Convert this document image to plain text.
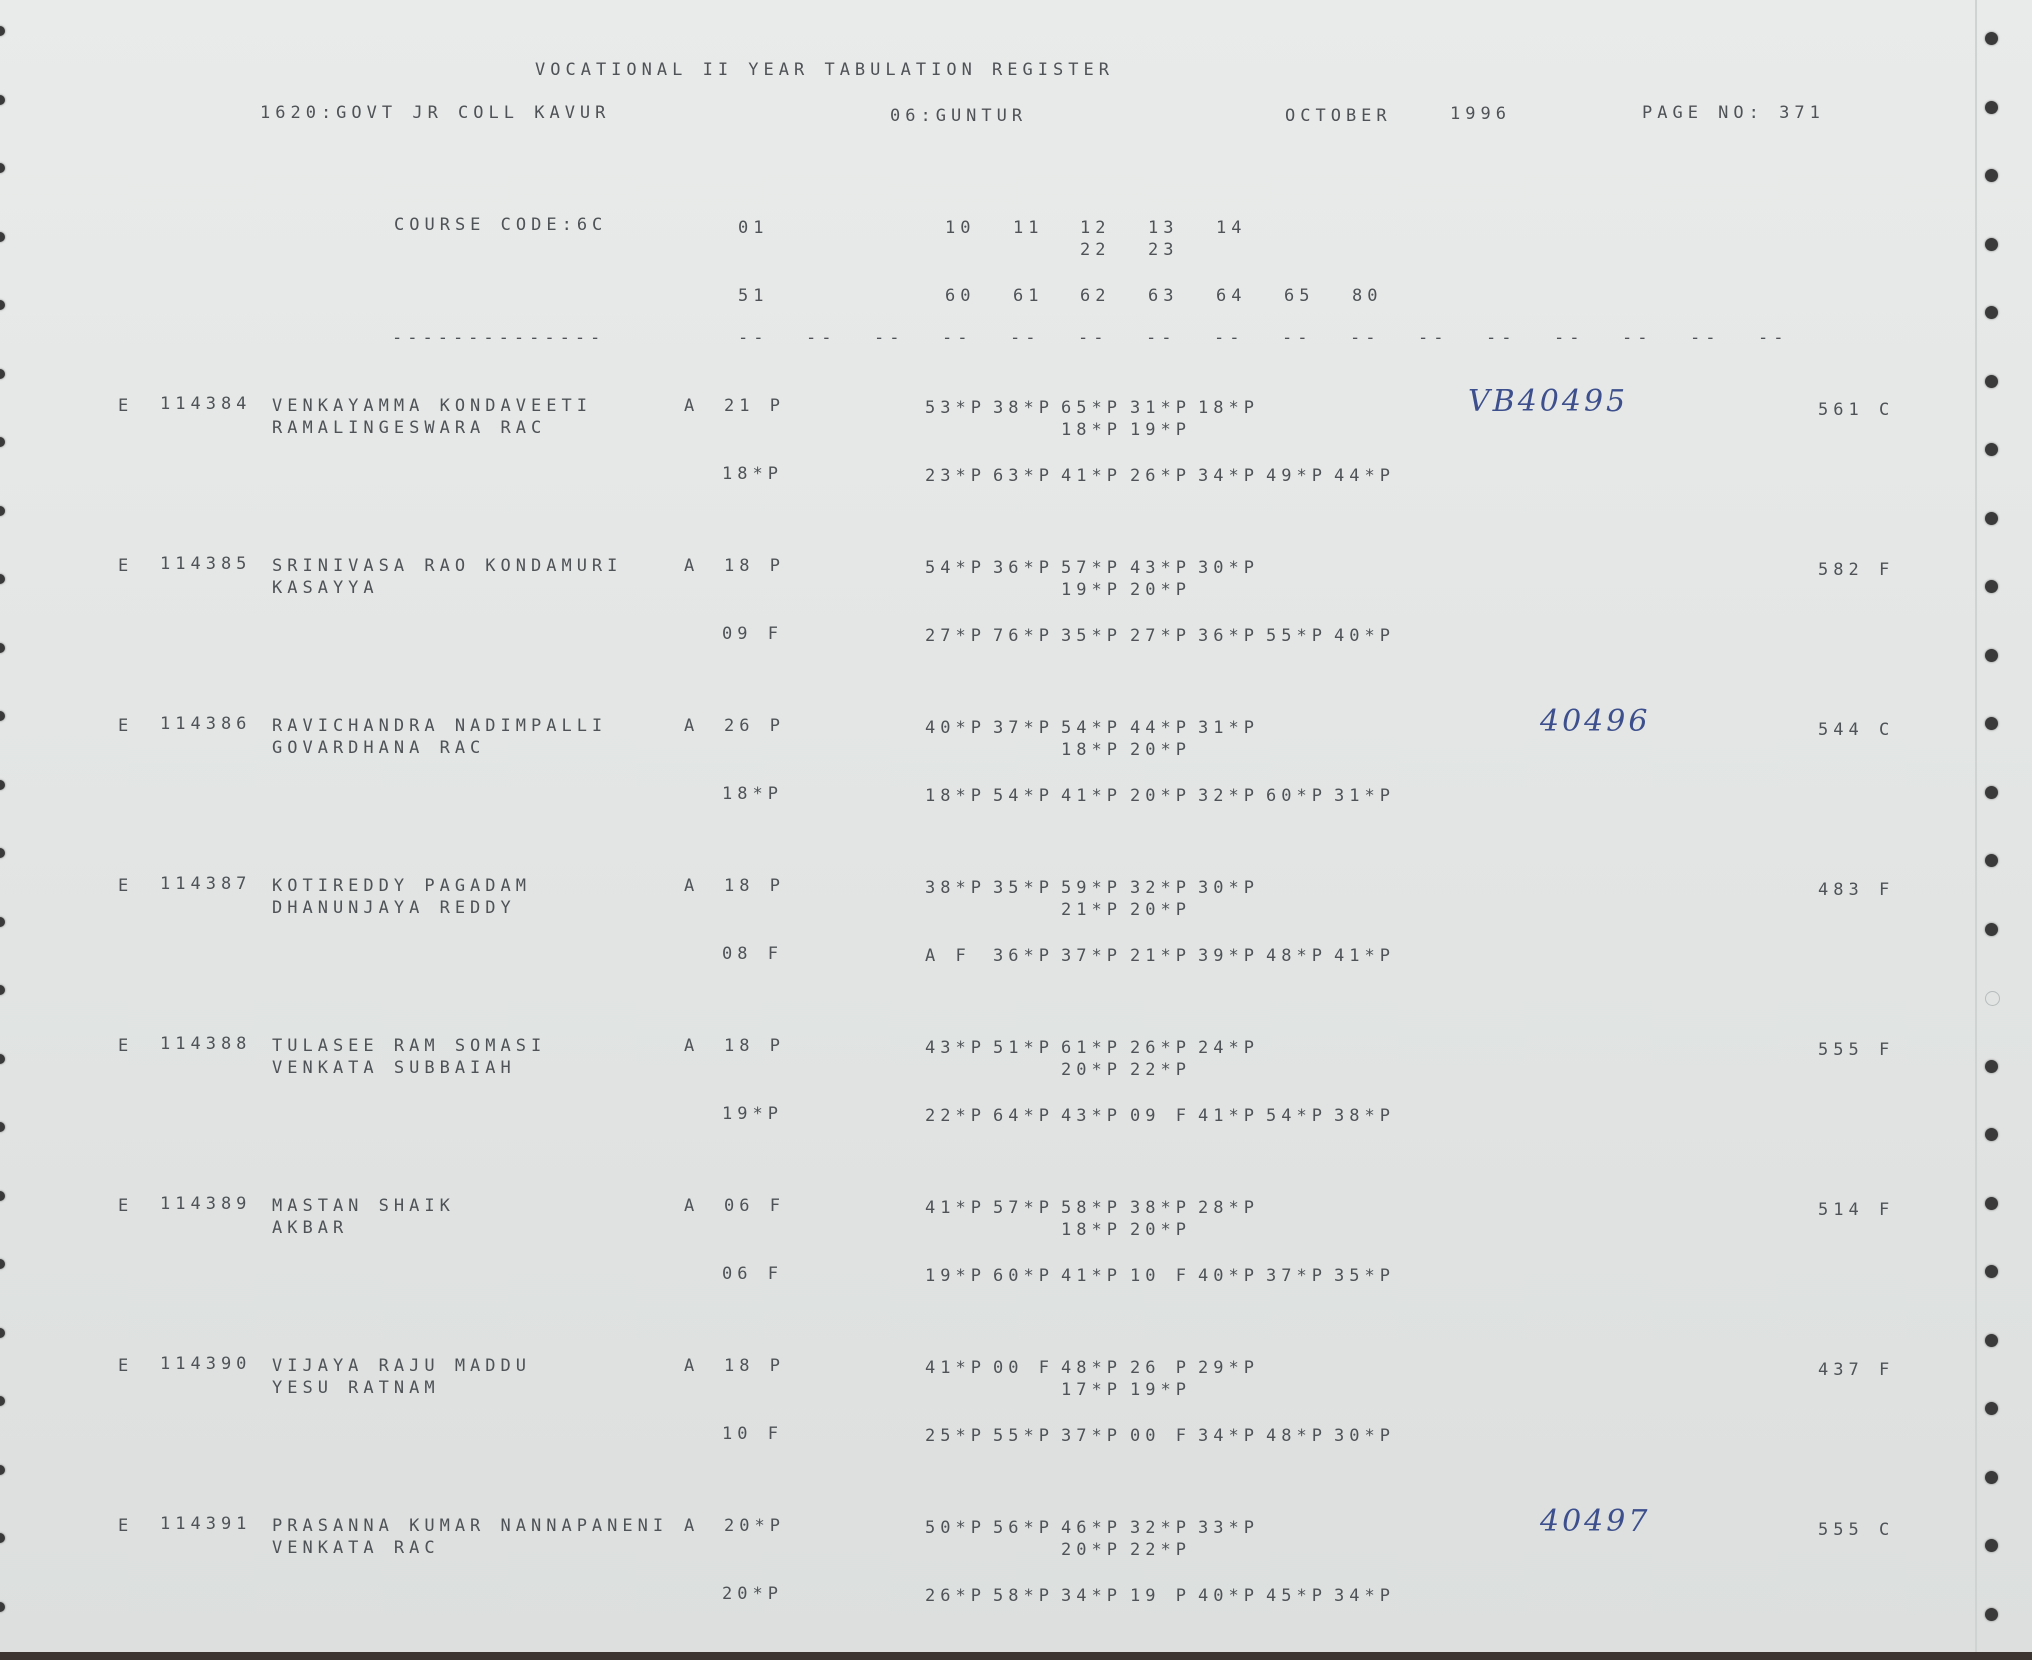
VOCATIONAL II YEAR TABULATION REGISTER
1620:GOVT JR COLL KAVUR	06:GUNTUR	OCTOBER	1996	PAGE NO: 371
COURSE CODE:6C	01	10 11 12 13 14
22 23
51	60 61 62 63 64 65 80
--------------	-- -- -- -- -- -- -- -- -- -- -- -- -- -- -- --
E 114384 VENKAYAMMA KONDAVEETI
RAMALINGESWARA RAC
A 21 P	53*P 38*P 65*P 31*P 18*P
18*P 19*P
18*P	23*P 63*P 41*P 26*P 34*P 49*P 44*P
561 C
VB40495
E 114385 SRINIVASA RAO KONDAMURI
KASAYYA
A 18 P	54*P 36*P 57*P 43*P 30*P
19*P 20*P
09 F	27*P 76*P 35*P 27*P 36*P 55*P 40*P
582 F
E 114386 RAVICHANDRA NADIMPALLI
GOVARDHANA RAC
A 26 P	40*P 37*P 54*P 44*P 31*P
18*P 20*P
18*P	18*P 54*P 41*P 20*P 32*P 60*P 31*P
544 C
40496
E 114387 KOTIREDDY PAGADAM
DHANUNJAYA REDDY
A 18 P	38*P 35*P 59*P 32*P 30*P
21*P 20*P
08 F	A F 36*P 37*P 21*P 39*P 48*P 41*P
483 F
E 114388 TULASEE RAM SOMASI
VENKATA SUBBAIAH
A 18 P	43*P 51*P 61*P 26*P 24*P
20*P 22*P
19*P	22*P 64*P 43*P 09 F 41*P 54*P 38*P
555 F
E 114389 MASTAN SHAIK
AKBAR
A 06 F	41*P 57*P 58*P 38*P 28*P
18*P 20*P
06 F	19*P 60*P 41*P 10 F 40*P 37*P 35*P
514 F
E 114390 VIJAYA RAJU MADDU
YESU RATNAM
A 18 P	41*P 00 F 48*P 26 P 29*P
17*P 19*P
10 F	25*P 55*P 37*P 00 F 34*P 48*P 30*P
437 F
E 114391 PRASANNA KUMAR NANNAPANENI
VENKATA RAC
A 20*P	50*P 56*P 46*P 32*P 33*P
20*P 22*P
20*P	26*P 58*P 34*P 19 P 40*P 45*P 34*P
555 C
40497
